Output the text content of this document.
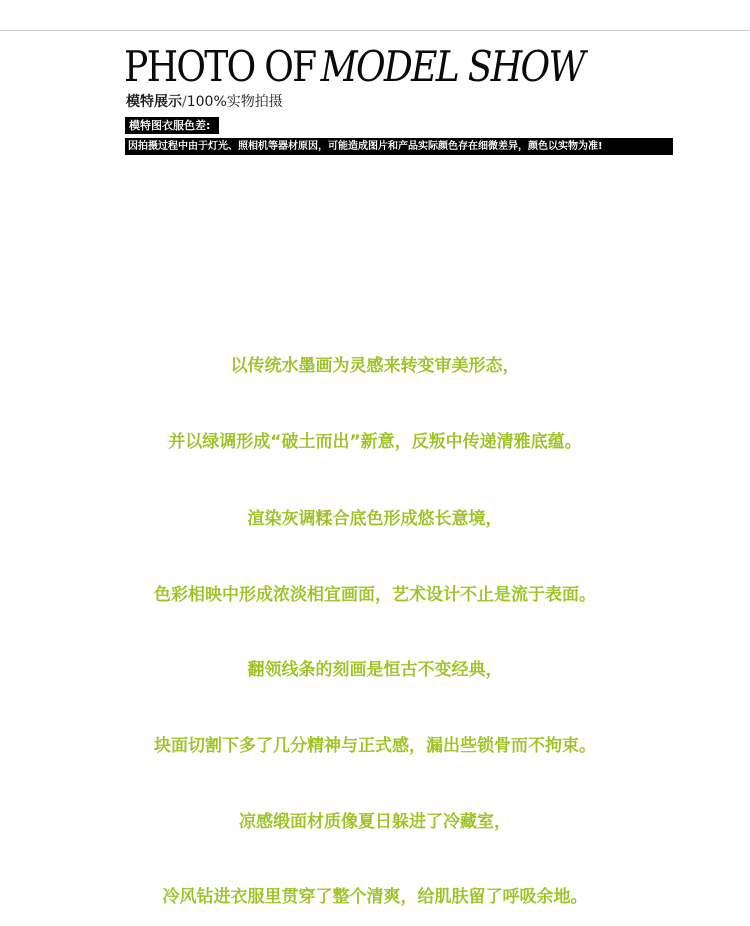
PHOTO OF MODEL SHOW
模特展示/100%实物拍摄
模特图衣服色差:
因拍摄过程中由于灯光、照相机等器材原因，可能造成图片和产品实际颜色存在细微差异，颜色以实物为准!
以传统水墨画为灵感来转变审美形态，
并以绿调形成“破土而出”新意，反叛中传递清雅底蕴。
渲染灰调糅合底色形成悠长意境，
色彩相映中形成浓淡相宜画面，艺术设计不止是流于表面。
翻领线条的刻画是恒古不变经典，
块面切割下多了几分精神与正式感，漏出些锁骨而不拘束。
凉感缎面材质像夏日躲进了冷藏室，
冷风钻进衣服里贯穿了整个清爽，给肌肤留了呼吸余地。
